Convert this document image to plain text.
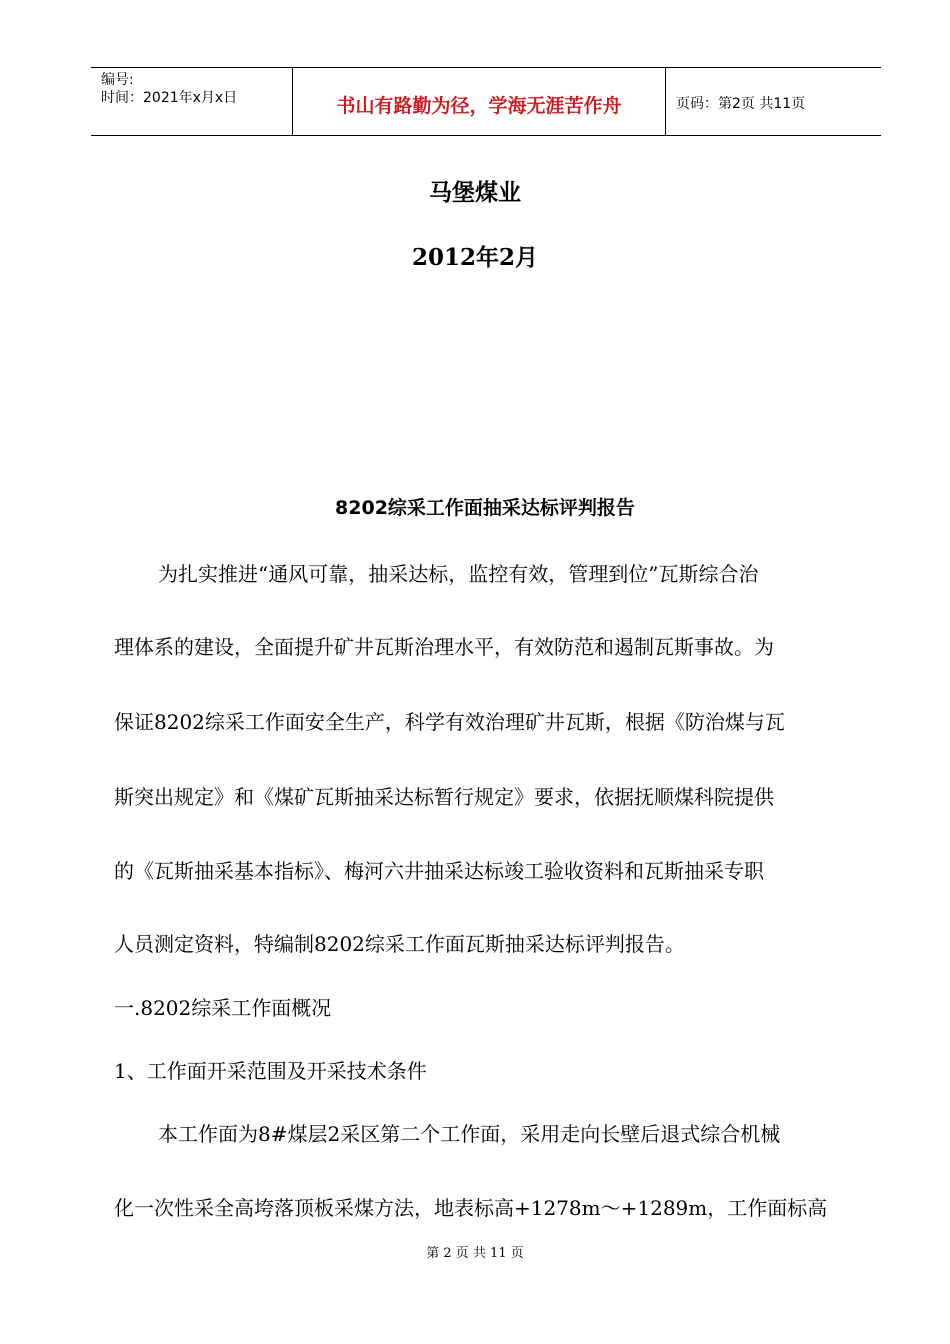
编号:
时间：2021年x月x日	书山有路勤为径，学海无涯苦作舟	页码：第2页 共11页
马堡煤业
2012年2月
8202综采工作面抽采达标评判报告
为扎实推进“通风可靠，抽采达标，监控有效，管理到位”瓦斯综合治
理体系的建设，全面提升矿井瓦斯治理水平，有效防范和遏制瓦斯事故。为
保证8202综采工作面安全生产，科学有效治理矿井瓦斯，根据《防治煤与瓦
斯突出规定》和《煤矿瓦斯抽采达标暂行规定》要求，依据抚顺煤科院提供
的《瓦斯抽采基本指标》、梅河六井抽采达标竣工验收资料和瓦斯抽采专职
人员测定资料，特编制8202综采工作面瓦斯抽采达标评判报告。
一.8202综采工作面概况
1、工作面开采范围及开采技术条件
本工作面为8#煤层2采区第二个工作面，采用走向长壁后退式综合机械
化一次性采全高垮落顶板采煤方法，地表标高+1278m～+1289m，工作面标高
第 2 页 共 11 页
